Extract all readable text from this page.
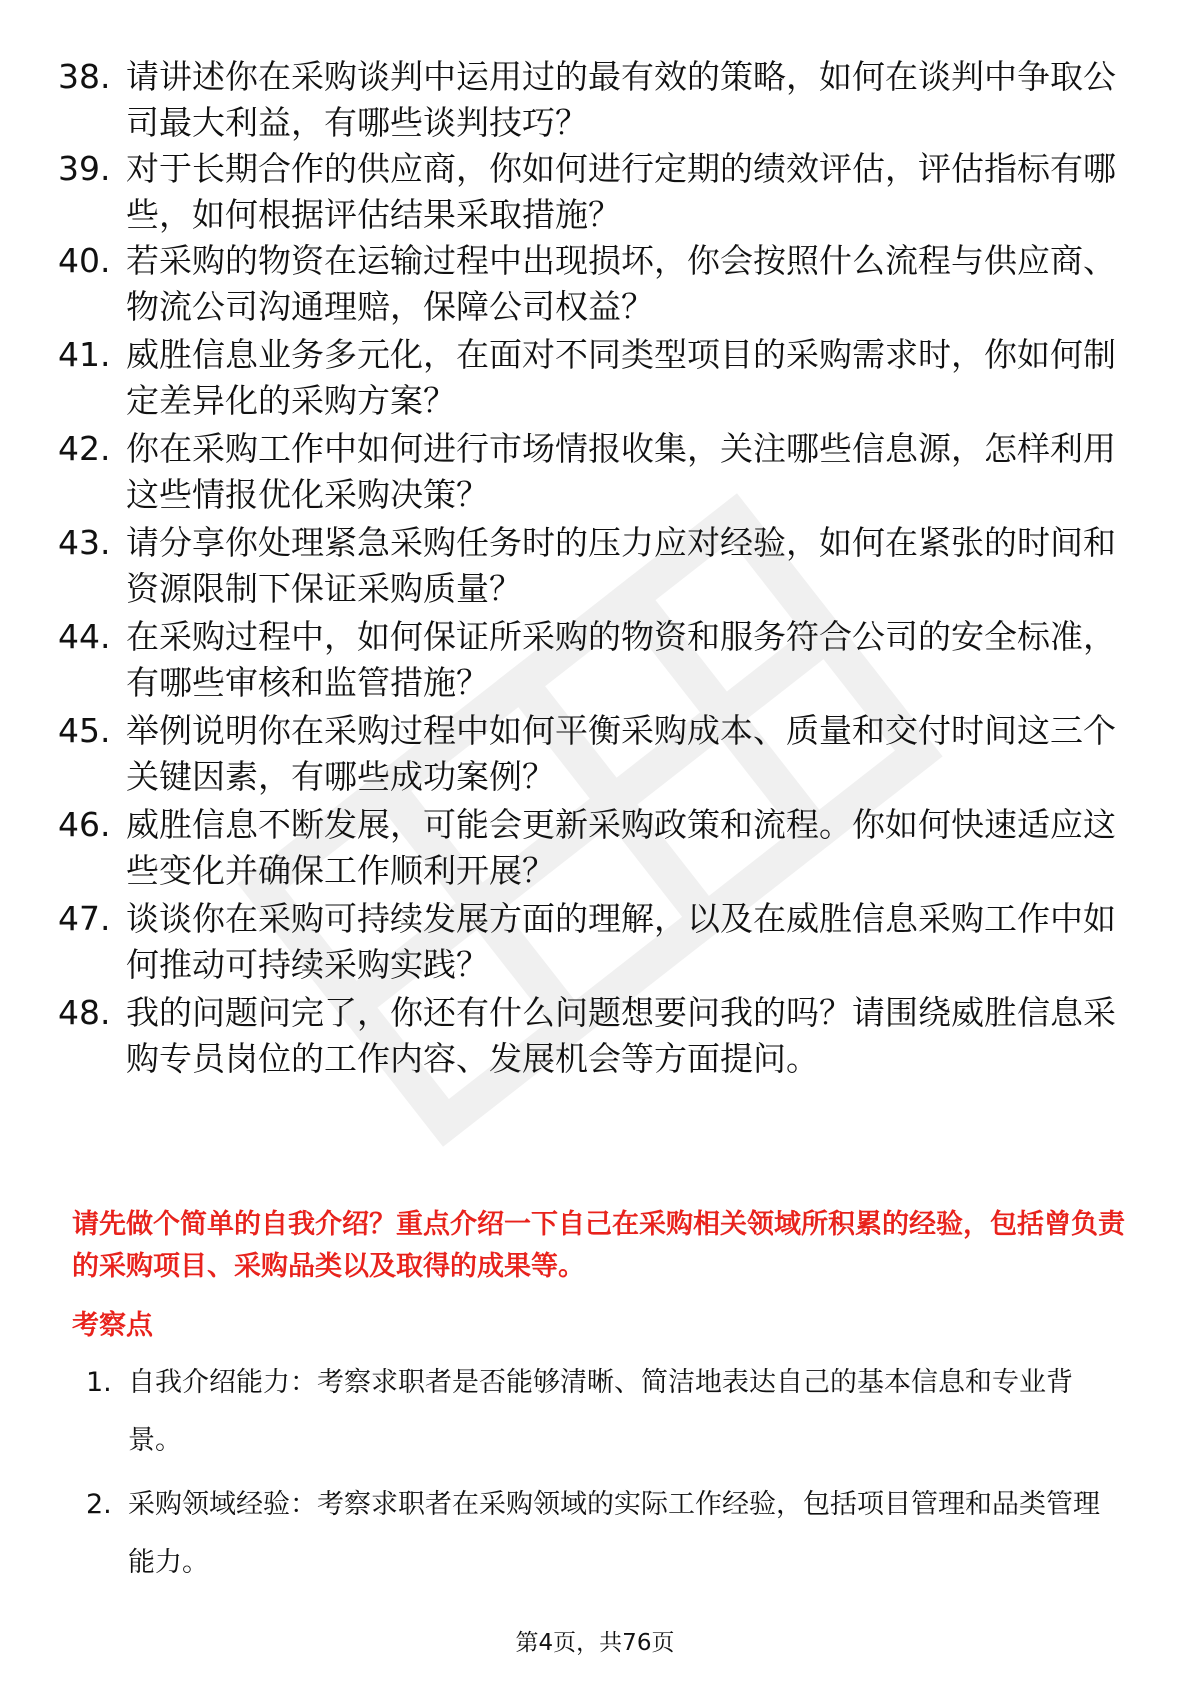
38. 请讲述你在采购谈判中运用过的最有效的策略，如何在谈判中争取公司最大利益，有哪些谈判技巧？
39. 对于长期合作的供应商，你如何进行定期的绩效评估，评估指标有哪些，如何根据评估结果采取措施？
40. 若采购的物资在运输过程中出现损坏，你会按照什么流程与供应商、物流公司沟通理赔，保障公司权益？
41. 威胜信息业务多元化，在面对不同类型项目的采购需求时，你如何制定差异化的采购方案？
42. 你在采购工作中如何进行市场情报收集，关注哪些信息源，怎样利用这些情报优化采购决策？
43. 请分享你处理紧急采购任务时的压力应对经验，如何在紧张的时间和资源限制下保证采购质量？
44. 在采购过程中，如何保证所采购的物资和服务符合公司的安全标准，有哪些审核和监管措施？
45. 举例说明你在采购过程中如何平衡采购成本、质量和交付时间这三个关键因素，有哪些成功案例？
46. 威胜信息不断发展，可能会更新采购政策和流程。你如何快速适应这些变化并确保工作顺利开展？
47. 谈谈你在采购可持续发展方面的理解，以及在威胜信息采购工作中如何推动可持续采购实践？
48. 我的问题问完了，你还有什么问题想要问我的吗？请围绕威胜信息采购专员岗位的工作内容、发展机会等方面提问。
请先做个简单的自我介绍？重点介绍一下自己在采购相关领域所积累的经验，包括曾负责的采购项目、采购品类以及取得的成果等。
考察点
1. 自我介绍能力：考察求职者是否能够清晰、简洁地表达自己的基本信息和专业背景。
2. 采购领域经验：考察求职者在采购领域的实际工作经验，包括项目管理和品类管理能力。
第4页，共76页
